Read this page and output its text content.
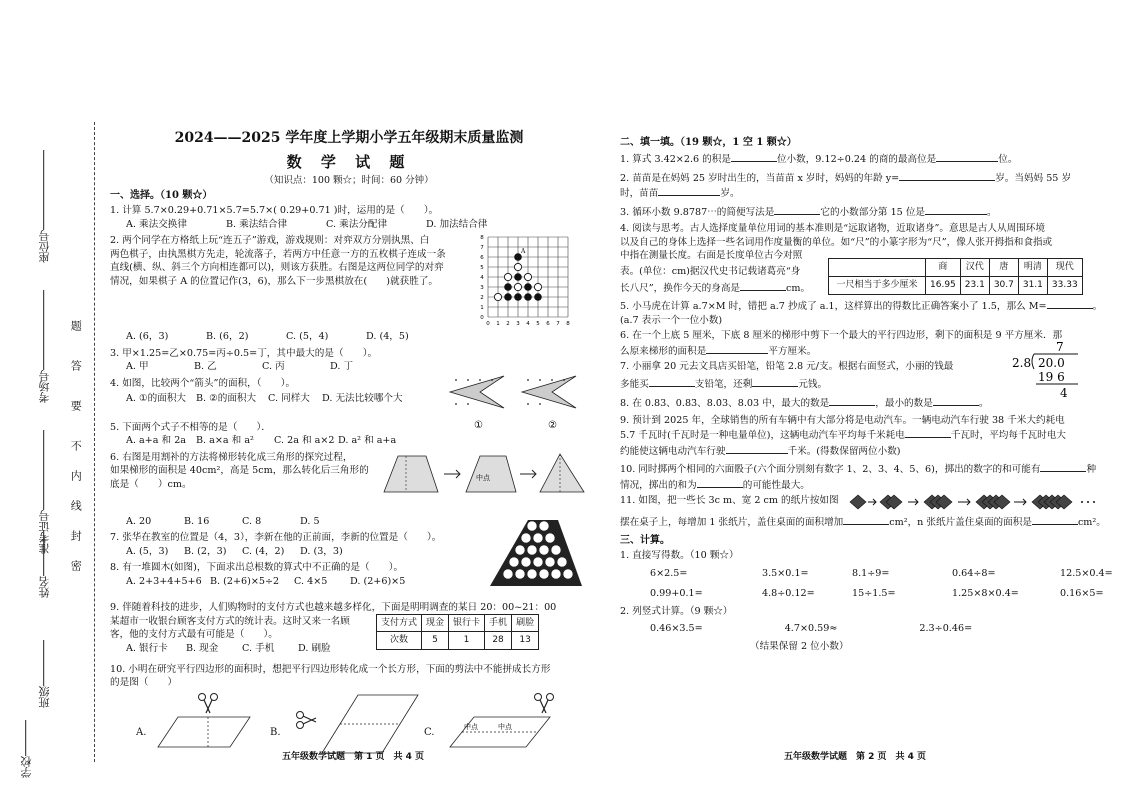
座位号
考场号
准考证号
姓名
班级
学校
题
答
要
不
内
线
封
密
2024——2025 学年度上学期小学五年级期末质量监测
数 学 试 题
（知识点：100 颗☆；时间：60 分钟）
一、选择。（10 颗☆）
1. 计算 5.7×0.29+0.71×5.7=5.7×( 0.29+0.71 )时，运用的是（　　）。
A. 乘法交换律	B. 乘法结合律	C. 乘法分配律	D. 加法结合律
2. 两个同学在方格纸上玩“连五子”游戏，游戏规则：对弈双方分别执黑、白
两色棋子，由执黑棋方先走，轮流落子，若两方中任意一方的五枚棋子连成一条
直线(横、纵、斜三个方向相连都可以)，则该方获胜。右图是这两位同学的对弈
情况，如果棋子 A 的位置记作(3，6)，那么下一步黑棋放在(　　)就获胜了。
A
0 1 2 3 4 5 6 7 8
0
1
2
3
4
5
6
7
8
A. (6，3)	B. (6，2)	C. (5，4)	D. (4，5)
3. 甲×1.25=乙×0.75=丙÷0.5=丁，其中最大的是（　　）。
A. 甲	B. 乙	C. 丙	D. 丁
4. 如图，比较两个“箭头”的面积，（　　）。
A. ①的面积大	B. ②的面积大	C. 同样大	D. 无法比较哪个大
①	②
5. 下面两个式子不相等的是（　　）．
A. a+a 和 2a	B. a×a 和 a²	C. 2a 和 a×2 D. a² 和 a+a
6. 右图是用割补的方法将梯形转化成三角形的探究过程，
如果梯形的面积是 40cm²，高是 5cm，那么转化后三角形的
底是（　　）cm。
中点
A. 20	B. 16	C. 8	D. 5
7. 张华在教室的位置是（4，3），李新在他的正前面，李新的位置是（　　）。
A. (5，3)	B. (2，3)	C. (4，2)	D. (3，3)
8. 有一堆圆木(如图)，下面求出总根数的算式中不正确的是（　　）。
A. 2+3+4+5+6 B. (2+6)×5÷2	C. 4×5	D. (2+6)×5
9. 伴随着科技的进步，人们购物时的支付方式也越来越多样化，下面是明明调查的某日 20：00~21：00
某超市一收银台顾客支付方式的统计表。这时又来一名顾
客，他的支付方式最有可能是（　　）。
A. 银行卡	B. 现金	C. 手机	D. 刷脸
支付方式	现金	银行卡	手机	刷脸
次数	5	1	28	13
10. 小明在研究平行四边形的面积时，想把平行四边形转化成一个长方形，下面的剪法中不能拼成长方形
的是图（　　）
A.	B.	C.	中点	中点
五年级数学试题　第 1 页　共 4 页
二、填一填。（19 颗☆，1 空 1 颗☆）
1. 算式 3.42×2.6 的积是	位小数，9.12÷0.24 的商的最高位是	位。
2. 苗苗是在妈妈 25 岁时出生的，当苗苗 x 岁时，妈妈的年龄 y=	岁。当妈妈 55 岁
时，苗苗	岁。
3. 循环小数 9.8787⋯的简便写法是	它的小数部分第 15 位是	。
4. 阅读与思考。古人选择度量单位用词的基本准则是“远取诸物，近取诸身”。意思是古人从周围环境
以及自己的身体上选择一些名词用作度量衡的单位。如“尺”的小篆字形为“尺”，像人张开拇指和食指或
中指在测量长度。右面是长度单位古今对照
表。(单位：cm)据汉代史书记载诸葛亮“身
长八尺”，换作今天的身高是	cm。
	商	汉代	唐	明清	现代
一尺相当于多少厘米	16.95	23.1	30.7	31.1	33.33
5. 小马虎在计算 a.7×M 时，错把 a.7 抄成了 a.1，这样算出的得数比正确答案小了 1.5，那么 M=	。
(a.7 表示一个一位小数)
6. 在一个上底 5 厘米，下底 8 厘米的梯形中剪下一个最大的平行四边形，剩下的面积是 9 平方厘米．那
么原来梯形的面积是	平方厘米。
7. 小丽拿 20 元去文具店买铅笔，铅笔 2.8 元/支。根据右面竖式，小丽的钱最
多能买	支铅笔，还剩	元钱。
7
2.8 20.0
19 6
4
8. 在 0.83、0.83̇、8.0̇3、8.03 中，最大的数是	，最小的数是	。
9. 预计到 2025 年，全球销售的所有车辆中有大部分将是电动汽车。一辆电动汽车行驶 38 千米大约耗电
5.7 千瓦时(千瓦时是一种电量单位)，这辆电动汽车平均每千米耗电	千瓦时，平均每千瓦时电大
约能使这辆电动汽车行驶	千米。(得数保留两位小数)
10. 同时掷两个相同的六面骰子(六个面分别刻有数字 1、2、3、4、5、6)，掷出的数字的和可能有	种
情况，掷出的和为	的可能性最大。
11. 如图，把一些长 3c m、宽 2 cm 的纸片按如图
摆在桌子上，每增加 1 张纸片，盖住桌面的面积增加	cm²，n 张纸片盖住桌面的面积是	cm²。
三、计算。
1. 直接写得数。（10 颗☆）
6×2.5=	3.5×0.1=	8.1÷9=	0.64÷8=	12.5×0.4=
0.99+0.1=	4.8÷0.12=	15÷1.5=	1.25×8×0.4=	0.16×5=
2. 列竖式计算。（9 颗☆）
0.46×3.5=	4.7×0.59≈	2.3÷0.46=
（结果保留 2 位小数）
五年级数学试题　第 2 页　共 4 页
